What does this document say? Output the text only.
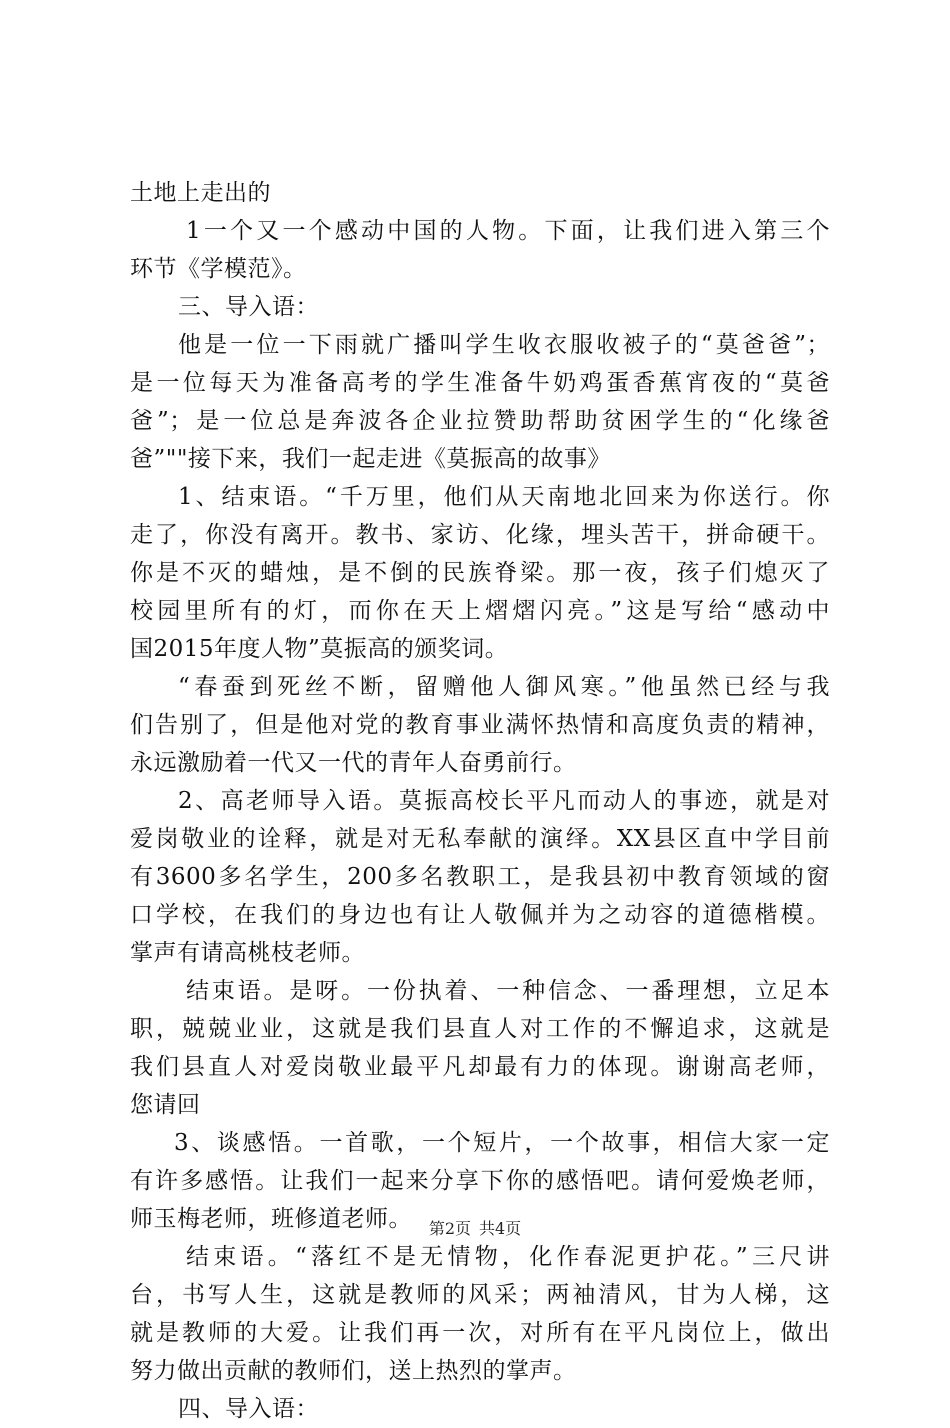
土地上走出的
1一个又一个感动中国的人物。下面，让我们进入第三个
环节《学模范》。
三、导入语：
他是一位一下雨就广播叫学生收衣服收被子的“莫爸爸”；
是一位每天为准备高考的学生准备牛奶鸡蛋香蕉宵夜的“莫爸
爸”；是一位总是奔波各企业拉赞助帮助贫困学生的“化缘爸
爸”""接下来，我们一起走进《莫振高的故事》
1、结束语。“千万里，他们从天南地北回来为你送行。你
走了，你没有离开。教书、家访、化缘，埋头苦干，拼命硬干。
你是不灭的蜡烛，是不倒的民族脊梁。那一夜，孩子们熄灭了
校园里所有的灯，而你在天上熠熠闪亮。”这是写给“感动中
国2015年度人物”莫振高的颁奖词。
“春蚕到死丝不断，留赠他人御风寒。”他虽然已经与我
们告别了，但是他对党的教育事业满怀热情和高度负责的精神，
永远激励着一代又一代的青年人奋勇前行。
2、高老师导入语。莫振高校长平凡而动人的事迹，就是对
爱岗敬业的诠释，就是对无私奉献的演绎。XX县区直中学目前
有3600多名学生，200多名教职工，是我县初中教育领域的窗
口学校，在我们的身边也有让人敬佩并为之动容的道德楷模。
掌声有请高桃枝老师。
结束语。是呀。一份执着、一种信念、一番理想，立足本
职，兢兢业业，这就是我们县直人对工作的不懈追求，这就是
我们县直人对爱岗敬业最平凡却最有力的体现。谢谢高老师，
您请回
3、谈感悟。一首歌，一个短片，一个故事，相信大家一定
有许多感悟。让我们一起来分享下你的感悟吧。请何爱焕老师，
师玉梅老师，班修道老师。
结束语。“落红不是无情物，化作春泥更护花。”三尺讲
台，书写人生，这就是教师的风采；两袖清风，甘为人梯，这
就是教师的大爱。让我们再一次，对所有在平凡岗位上，做出
努力做出贡献的教师们，送上热烈的掌声。
四、导入语：
第2页 共4页
